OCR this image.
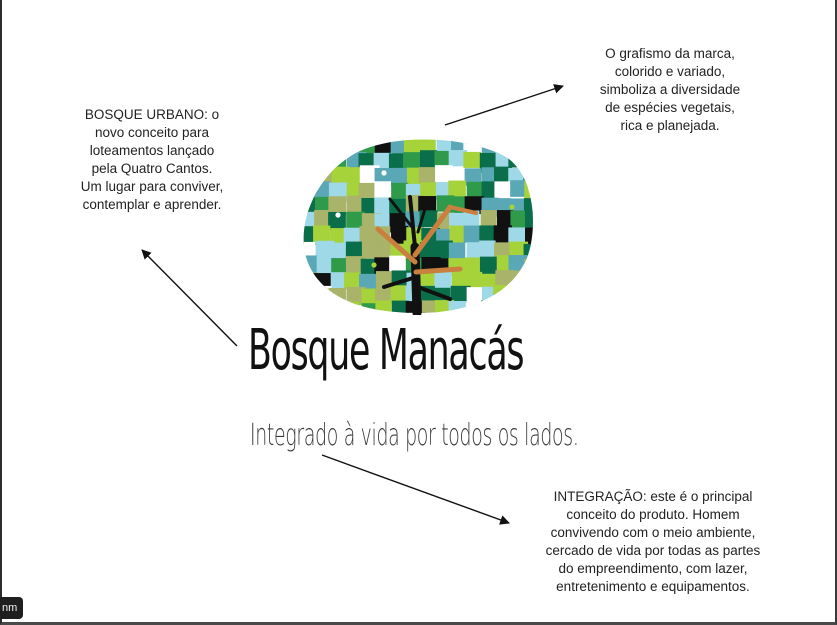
BOSQUE URBANO: o
novo conceito para
loteamentos lançado
pela Quatro Cantos.
Um lugar para conviver,
contemplar e aprender.

O grafismo da marca,
colorido e variado,
simboliza a diversidade
de espécies vegetais,
rica e planejada.

INTEGRAÇÃO: este é o principal
conceito do produto. Homem
convivendo com o meio ambiente,
cercado de vida por todas as partes
do empreendimento, com lazer,
entretenimento e equipamentos.

Bosque Manacás

Integrado à vida por todos os lados.

nm
